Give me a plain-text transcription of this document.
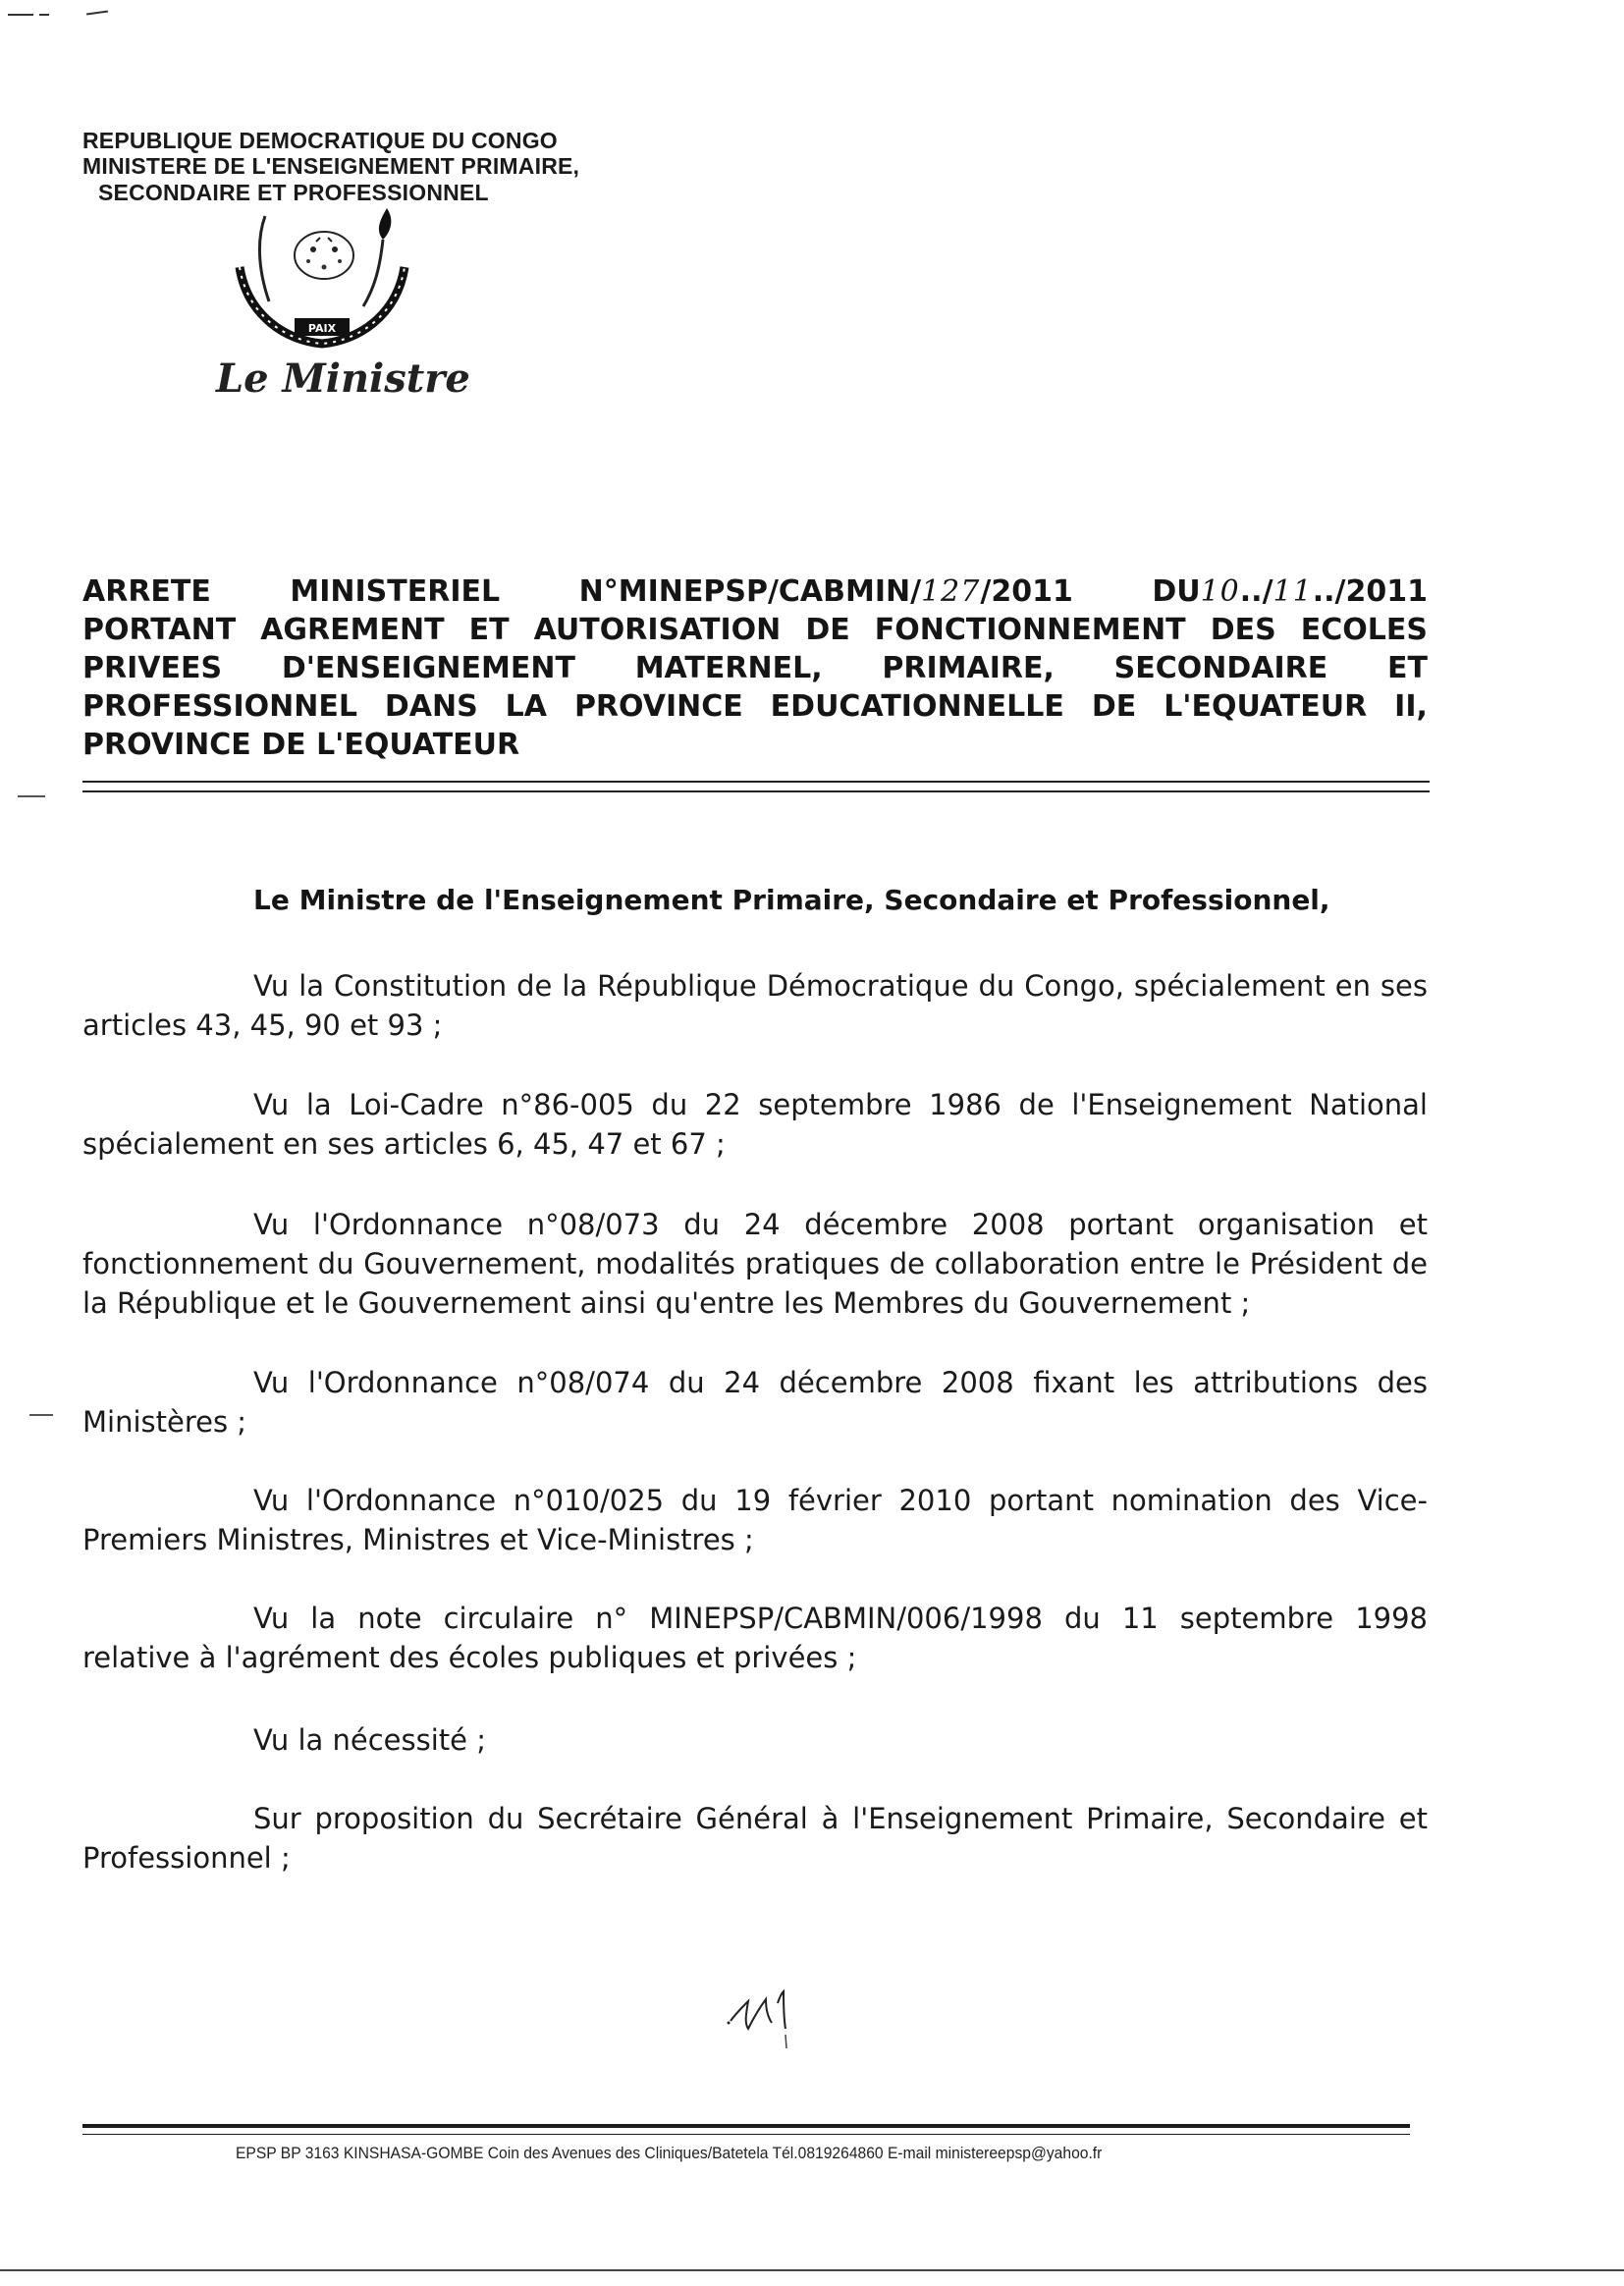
REPUBLIQUE DEMOCRATIQUE DU CONGO
MINISTERE DE L'ENSEIGNEMENT PRIMAIRE,
SECONDAIRE ET PROFESSIONNEL
PAIX
Le Ministre
ARRETE	MINISTERIEL	N°MINEPSP/CABMIN/127/2011	DU10../11../2011
PORTANT AGREMENT ET AUTORISATION DE FONCTIONNEMENT DES ECOLES
PRIVEES D'ENSEIGNEMENT MATERNEL, PRIMAIRE, SECONDAIRE ET
PROFESSIONNEL DANS LA PROVINCE EDUCATIONNELLE DE L'EQUATEUR II,
PROVINCE DE L'EQUATEUR
Le Ministre de l'Enseignement Primaire, Secondaire et Professionnel,
Vu la Constitution de la République Démocratique du Congo, spécialement en ses articles 43, 45, 90 et 93 ;
Vu la Loi-Cadre n°86-005 du 22 septembre 1986 de l'Enseignement National spécialement en ses articles 6, 45, 47 et 67 ;
Vu l'Ordonnance n°08/073 du 24 décembre 2008 portant organisation et fonctionnement du Gouvernement, modalités pratiques de collaboration entre le Président de la République et le Gouvernement ainsi qu'entre les Membres du Gouvernement ;
Vu l'Ordonnance n°08/074 du 24 décembre 2008 fixant les attributions des Ministères ;
Vu l'Ordonnance n°010/025 du 19 février 2010 portant nomination des Vice-Premiers Ministres, Ministres et Vice-Ministres ;
Vu la note circulaire n° MINEPSP/CABMIN/006/1998 du 11 septembre 1998 relative à l'agrément des écoles publiques et privées ;
Vu la nécessité ;
Sur proposition du Secrétaire Général à l'Enseignement Primaire, Secondaire et Professionnel ;
EPSP BP 3163 KINSHASA-GOMBE Coin des Avenues des Cliniques/Batetela Tél.0819264860 E-mail ministereepsp@yahoo.fr
